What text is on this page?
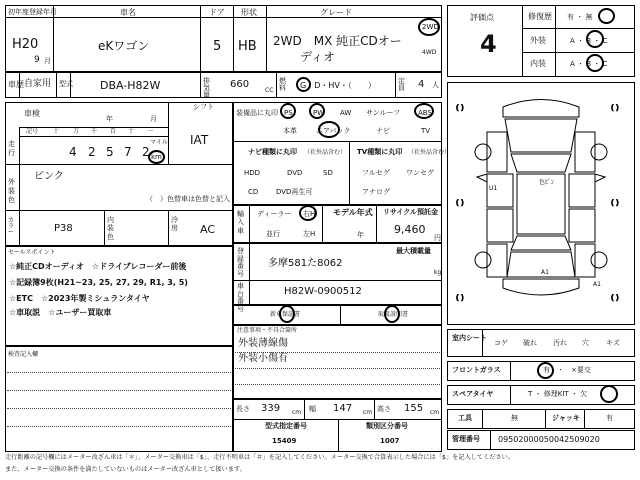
初年度登録年月
H20
9 月
車名
eKワゴン
ドア
5
形状
HB
グレード
2WD　MX 純正CDオー
ディオ
2WD
4WD
車歴 自家用 型式 DBA-H82W	排気量
660
CC
燃料 G　D・HV・（　　）	定員 4 人
車検
年	月
シフト
IAT
走行
記号 十 万 千 百 十 一
4 2 5 7 2
マイル
km
外装色
ピンク
（　）色替車は色替と記入
カラー	P38
内装色
冷房 AC
装備品に丸印 PS	PW AW サンルーフ	ABS
本革	エアバック	ナビ	TV
ナビ種類に丸印 （社外品含む）
HDD	DVD	SD
CD	DVD再生可
TV種類に丸印 （社外品含む）
フルセグ ワンセグ
アナログ
輸入車
ディーラー
並行
右H
左H
モデル年式
年
リサイクル預託金
9,460
円
登録番号
多摩581た8062
最大積載量
kg
車台番号
H82W-0900512
新車保証書	取扱説明書
注意事項・不具合箇所
外装薄線傷
外装小傷有
長さ 339 cm 幅 147 cm 高さ 155 cm
型式指定番号
15409
類別区分番号
1007
セールスポイント
☆純正CDオーディオ　☆ドライブレコーダー前後
☆記録簿9枚(H21~23, 25, 27, 29, R1, 3, 5)
☆ETC　☆2023年製ミシュランタイヤ
☆車取説　☆ユーザー買取車
検査記入欄
評価点
4
修復歴 有 ・ 無
外装	A ・ B ・ C
内装	A ・ B ・ C
( )	( )
( )	( )
( )	( )
U1
A1
A1
色ﾋﾟﾝ
室内シート
コゲ 破れ 汚れ 穴 キズ
フロントガラス	有　・　×要交
スペアタイヤ	T ・ 修理KIT ・ 欠
工具	無	ジャッキ	有
管理番号 09502000050042509020
走行距離の記号欄にはメーター改ざん車は「＊」、メーター交換車は「$」、走行不明車は「＃」を記入してください。メーター交換で合算表示した場合には「$」を記入してください。
また、メーター交換の条件を満たしていないものはメーター改ざん車として扱います。
